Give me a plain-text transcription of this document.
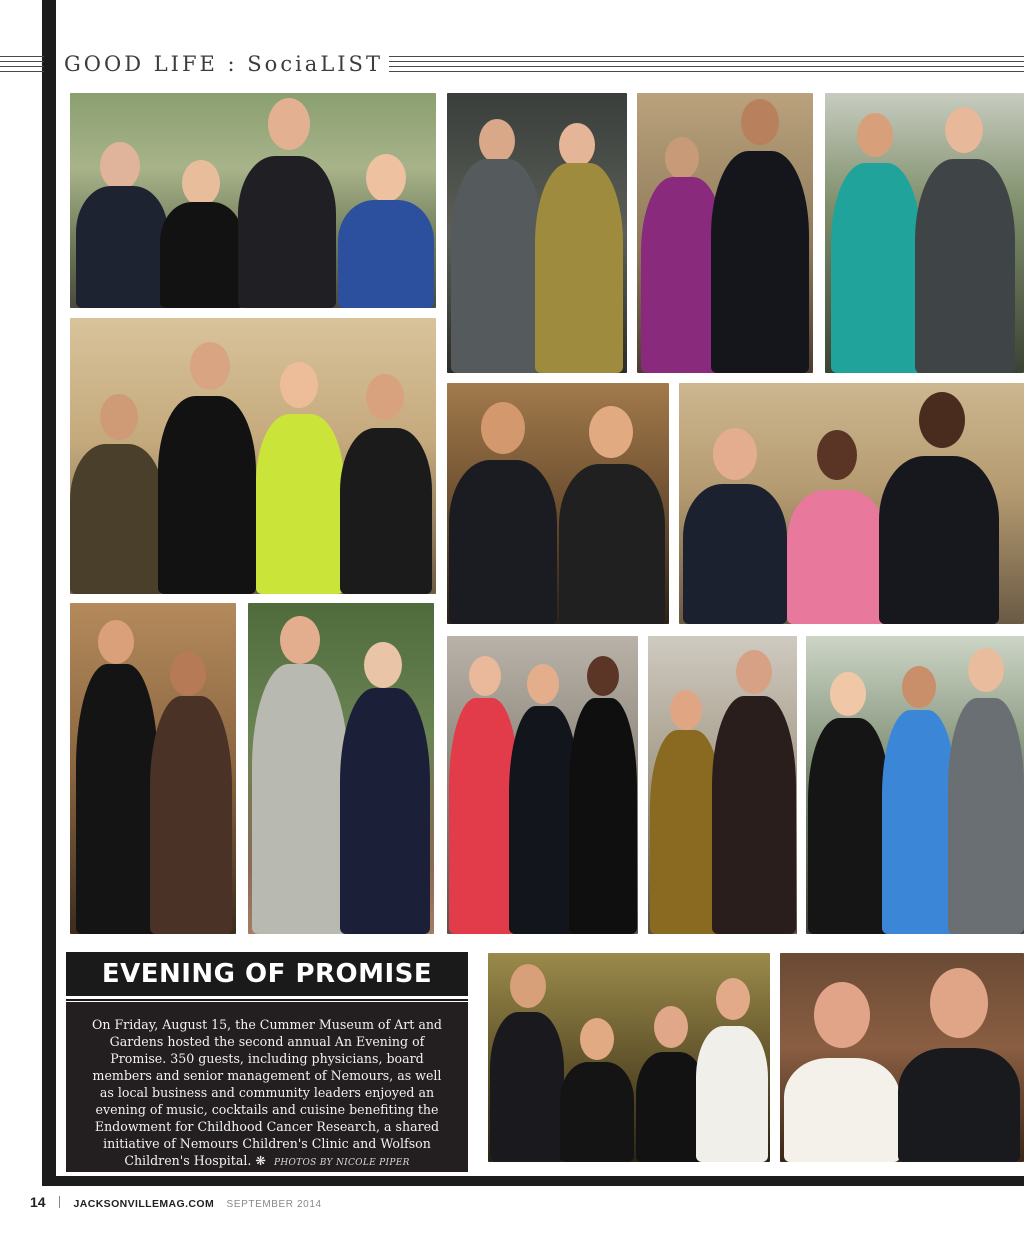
GOOD LIFE : SociaLIST
EVENING OF PROMISE
On Friday, August 15, the Cummer Museum of Art and Gardens hosted the second annual An Evening of Promise. 350 guests, including physicians, board members and senior management of Nemours, as well as local business and community leaders enjoyed an evening of music, cocktails and cuisine benefiting the Endowment for Childhood Cancer Research, a shared initiative of Nemours Children's Clinic and Wolfson Children's Hospital. ❋ PHOTOS BY NICOLE PIPER
14	JACKSONVILLEMAG.COM SEPTEMBER 2014
